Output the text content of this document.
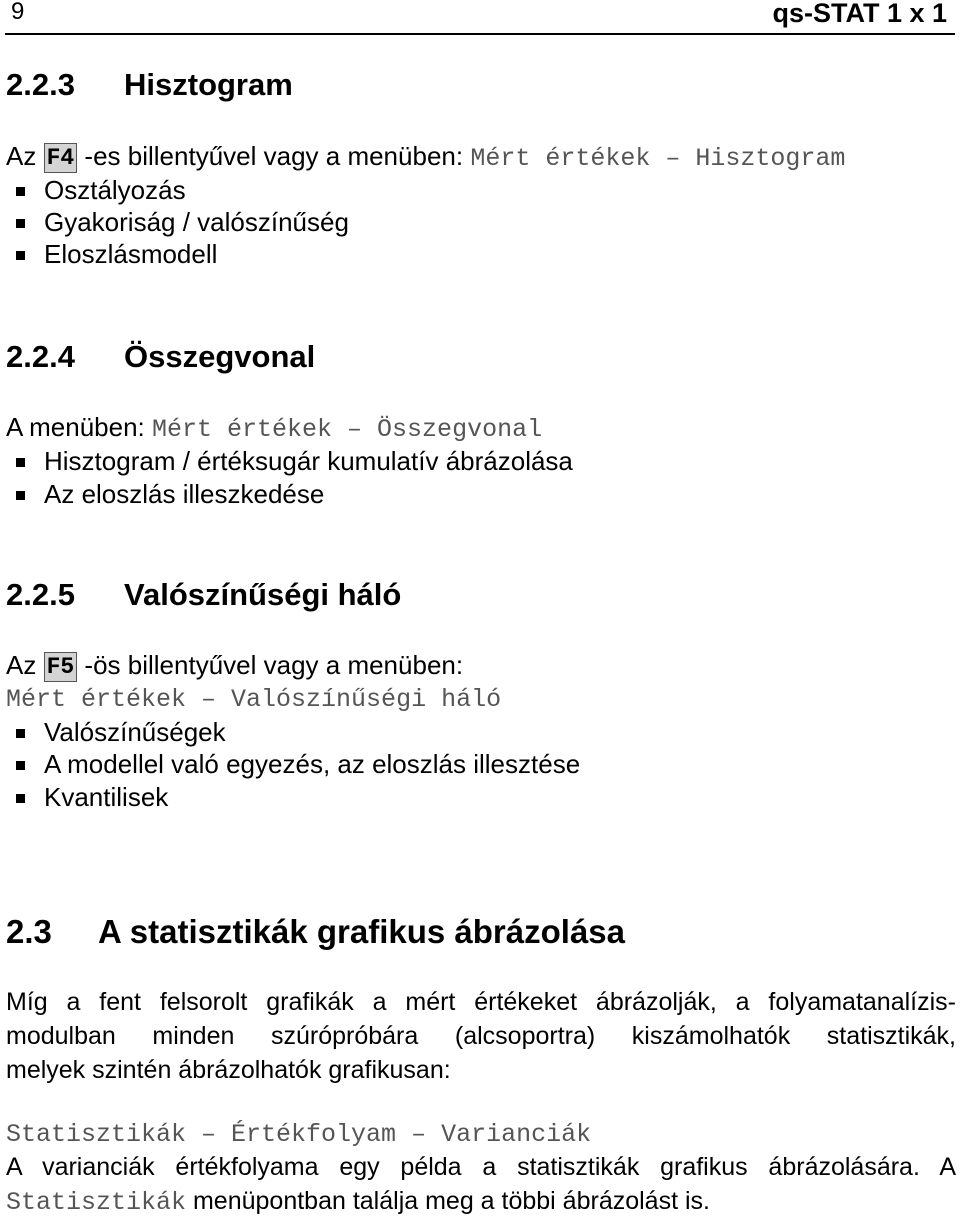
9	qs-STAT 1 x 1
2.2.3 Hisztogram
Az F4 -es billentyűvel vagy a menüben: Mért értékek – Hisztogram
Osztályozás
Gyakoriság / valószínűség
Eloszlásmodell
2.2.4 Összegvonal
A menüben: Mért értékek – Összegvonal
Hisztogram / értéksugár kumulatív ábrázolása
Az eloszlás illeszkedése
2.2.5 Valószínűségi háló
Az F5 -ös billentyűvel vagy a menüben:
Mért értékek – Valószínűségi háló
Valószínűségek
A modellel való egyezés, az eloszlás illesztése
Kvantilisek
2.3 A statisztikák grafikus ábrázolása
Míg a fent felsorolt grafikák a mért értékeket ábrázolják, a folyamatanalízis-
modulban minden szúrópróbára (alcsoportra) kiszámolhatók statisztikák,
melyek szintén ábrázolhatók grafikusan:
Statisztikák – Értékfolyam – Varianciák
A varianciák értékfolyama egy példa a statisztikák grafikus ábrázolására. A
Statisztikák menüpontban találja meg a többi ábrázolást is.
